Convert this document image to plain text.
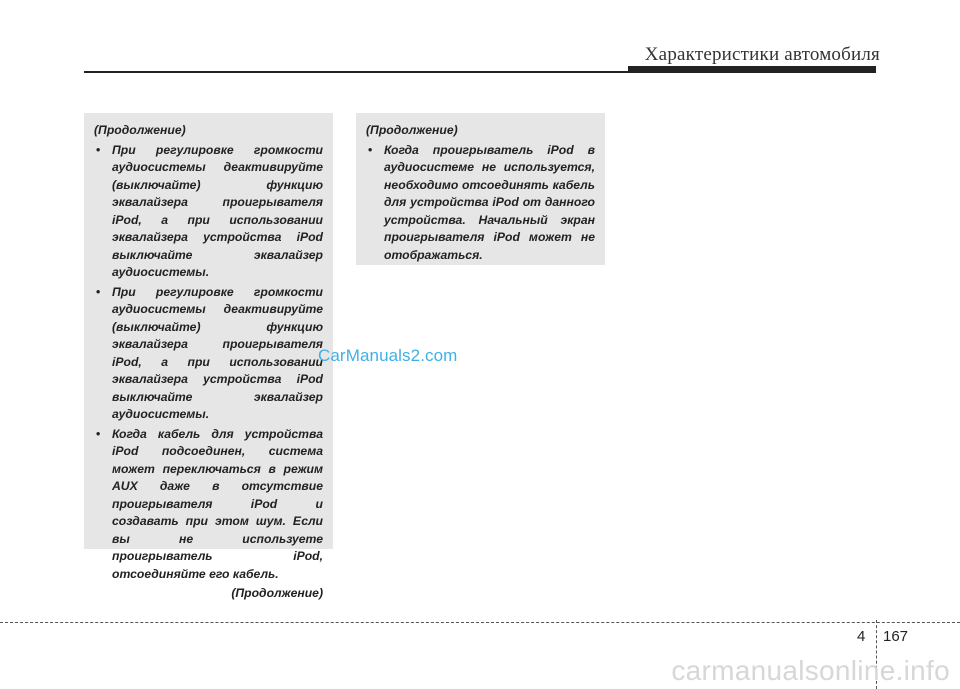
Характеристики автомобиля
(Продолжение)
• При регулировке громкости аудиосистемы деактивируйте (выключайте) функцию эквалайзера проигрывателя iPod, а при использовании эквалайзера устройства iPod выключайте эквалайзер аудиосистемы.
• При регулировке громкости аудиосистемы деактивируйте (выключайте) функцию эквалайзера проигрывателя iPod, а при использовании эквалайзера устройства iPod выключайте эквалайзер аудиосистемы.
• Когда кабель для устройства iPod подсоединен, система может переключаться в режим AUX даже в отсутствие проигрывателя iPod и создавать при этом шум. Если вы не используете проигрыватель iPod, отсоединяйте его кабель.
(Продолжение)
(Продолжение)
• Когда проигрыватель iPod в аудиосистеме не используется, необходимо отсоединять кабель для устройства iPod от данного устройства. Начальный экран проигрывателя iPod может не отображаться.
CarManuals2.com
4 167
carmanualsonline.info
